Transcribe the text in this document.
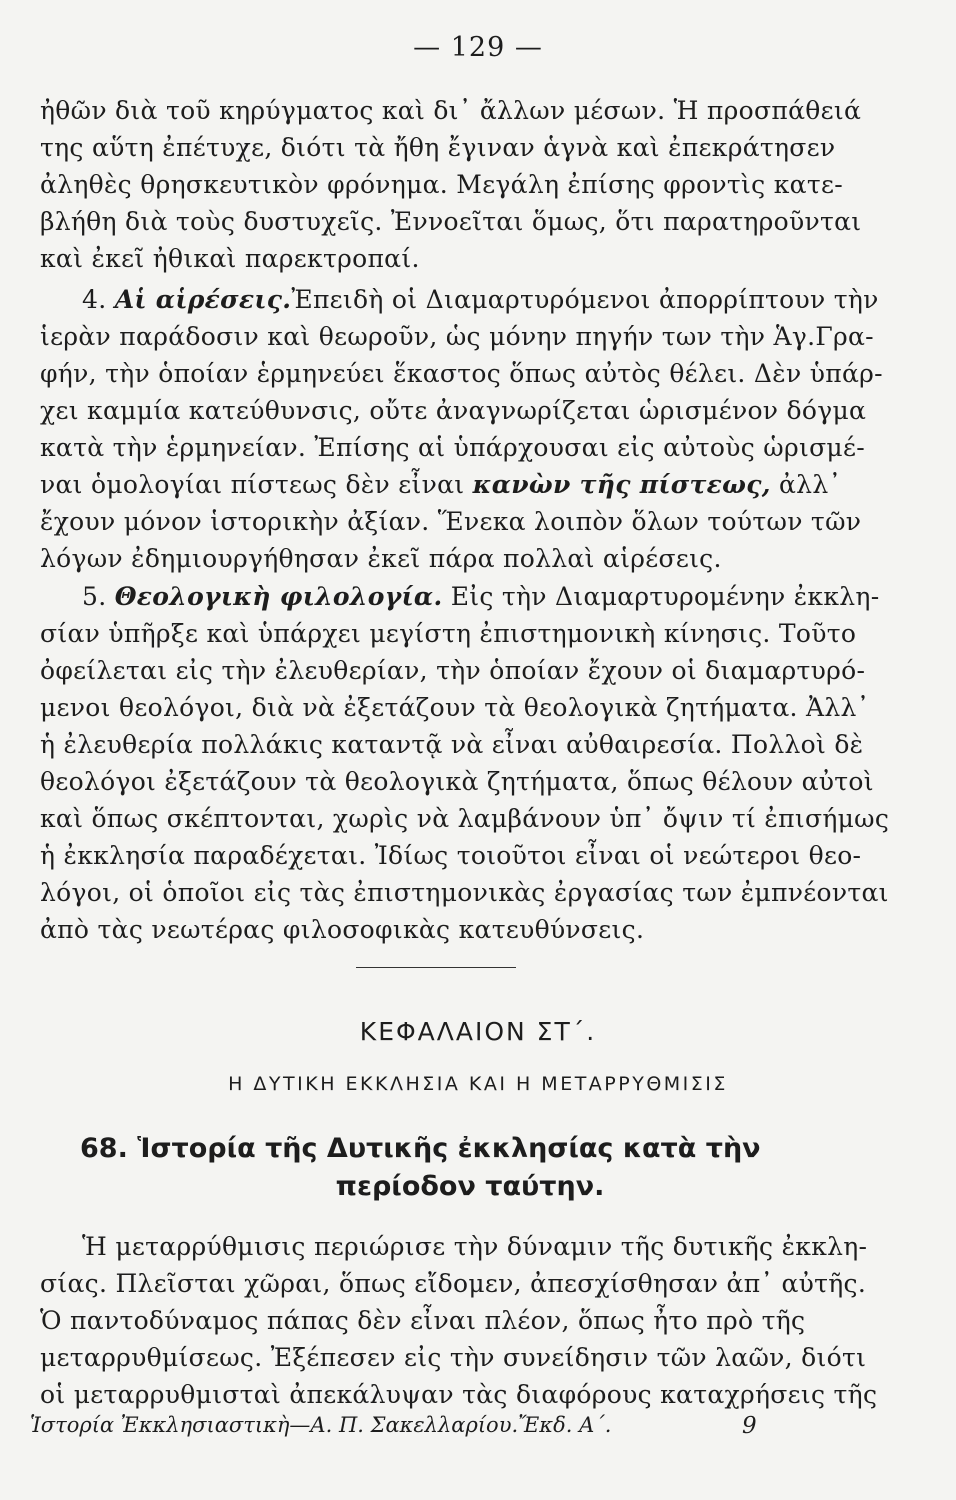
— 129 —
ἠθῶν διὰ τοῦ κηρύγματος καὶ δι᾿ ἄλλων μέσων. Ἡ προσπάθειά
της αὕτη ἐπέτυχε, διότι τὰ ἤθη ἔγιναν ἁγνὰ καὶ ἐπεκράτησεν
ἀληθὲς θρησκευτικὸν φρόνημα. Μεγάλη ἐπίσης φροντὶς κατε-
βλήθη διὰ τοὺς δυστυχεῖς. Ἐννοεῖται ὅμως, ὅτι παρατηροῦνται
καὶ ἐκεῖ ἠθικαὶ παρεκτροπαί.
4. Αἱ αἱρέσεις.Ἐπειδὴ οἱ Διαμαρτυρόμενοι ἀπορρίπτουν τὴν
ἱερὰν παράδοσιν καὶ θεωροῦν, ὡς μόνην πηγήν των τὴν Ἁγ.Γρα-
φήν, τὴν ὁποίαν ἑρμηνεύει ἕκαστος ὅπως αὐτὸς θέλει. Δὲν ὑπάρ-
χει καμμία κατεύθυνσις, οὔτε ἀναγνωρίζεται ὡρισμένον δόγμα
κατὰ τὴν ἑρμηνείαν. Ἐπίσης αἱ ὑπάρχουσαι εἰς αὐτοὺς ὡρισμέ-
ναι ὁμολογίαι πίστεως δὲν εἶναι κανὼν τῆς πίστεως, ἀλλ᾿
ἔχουν μόνον ἱστορικὴν ἀξίαν. Ἕνεκα λοιπὸν ὅλων τούτων τῶν
λόγων ἐδημιουργήθησαν ἐκεῖ πάρα πολλαὶ αἱρέσεις.
5. Θεολογικὴ φιλολογία. Εἰς τὴν Διαμαρτυρομένην ἐκκλη-
σίαν ὑπῆρξε καὶ ὑπάρχει μεγίστη ἐπιστημονικὴ κίνησις. Τοῦτο
ὀφείλεται εἰς τὴν ἐλευθερίαν, τὴν ὁποίαν ἔχουν οἱ διαμαρτυρό-
μενοι θεολόγοι, διὰ νὰ ἐξετάζουν τὰ θεολογικὰ ζητήματα. Ἀλλ᾿
ἡ ἐλευθερία πολλάκις καταντᾷ νὰ εἶναι αὐθαιρεσία. Πολλοὶ δὲ
θεολόγοι ἐξετάζουν τὰ θεολογικὰ ζητήματα, ὅπως θέλουν αὐτοὶ
καὶ ὅπως σκέπτονται, χωρὶς νὰ λαμβάνουν ὑπ᾿ ὄψιν τί ἐπισήμως
ἡ ἐκκλησία παραδέχεται. Ἰδίως τοιοῦτοι εἶναι οἱ νεώτεροι θεο-
λόγοι, οἱ ὁποῖοι εἰς τὰς ἐπιστημονικὰς ἐργασίας των ἐμπνέονται
ἀπὸ τὰς νεωτέρας φιλοσοφικὰς κατευθύνσεις.
ΚΕΦΑΛΑΙΟΝ ΣΤ΄.
Η ΔΥΤΙΚΗ ΕΚΚΛΗΣΙΑ ΚΑΙ Η ΜΕΤΑΡΡΥΘΜΙΣΙΣ
68. Ἱστορία τῆς Δυτικῆς ἐκκλησίας κατὰ τὴν
περίοδον ταύτην.
Ἡ μεταρρύθμισις περιώρισε τὴν δύναμιν τῆς δυτικῆς ἐκκλη-
σίας. Πλεῖσται χῶραι, ὅπως εἴδομεν, ἀπεσχίσθησαν ἀπ᾿ αὐτῆς.
Ὁ παντοδύναμος πάπας δὲν εἶναι πλέον, ὅπως ἦτο πρὸ τῆς
μεταρρυθμίσεως. Ἐξέπεσεν εἰς τὴν συνείδησιν τῶν λαῶν, διότι
οἱ μεταρρυθμισταὶ ἀπεκάλυψαν τὰς διαφόρους καταχρήσεις τῆς
Ἱστορία Ἐκκλησιαστικὴ—Α. Π. Σακελλαρίου.Ἔκδ. Α΄.	9
